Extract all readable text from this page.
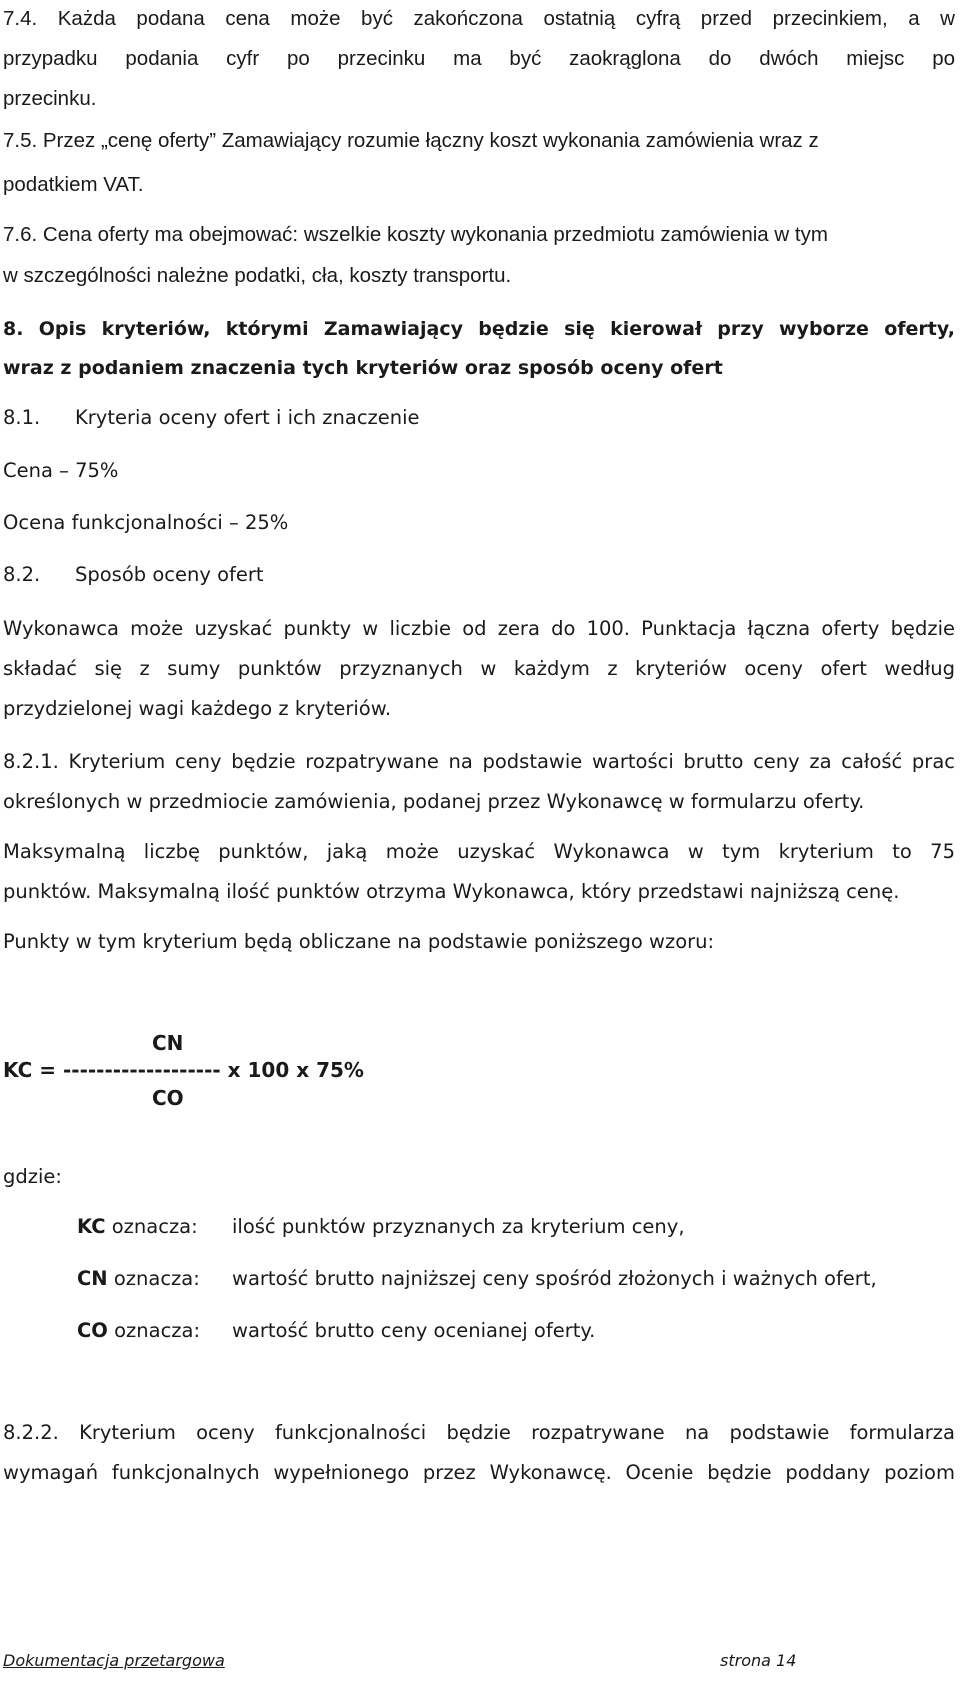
7.4. Każda podana cena może być zakończona ostatnią cyfrą przed przecinkiem, a w
przypadku podania cyfr po przecinku ma być zaokrąglona do dwóch miejsc po
przecinku.
7.5. Przez „cenę oferty” Zamawiający rozumie łączny koszt wykonania zamówienia wraz z
podatkiem VAT.
7.6. Cena oferty ma obejmować: wszelkie koszty wykonania przedmiotu zamówienia w tym
w szczególności należne podatki, cła, koszty transportu.
8. Opis kryteriów, którymi Zamawiający będzie się kierował przy wyborze oferty,
wraz z podaniem znaczenia tych kryteriów oraz sposób oceny ofert
8.1. Kryteria oceny ofert i ich znaczenie
Cena – 75%
Ocena funkcjonalności – 25%
8.2. Sposób oceny ofert
Wykonawca może uzyskać punkty w liczbie od zera do 100. Punktacja łączna oferty będzie
składać się z sumy punktów przyznanych w każdym z kryteriów oceny ofert według
przydzielonej wagi każdego z kryteriów.
8.2.1. Kryterium ceny będzie rozpatrywane na podstawie wartości brutto ceny za całość prac
określonych w przedmiocie zamówienia, podanej przez Wykonawcę w formularzu oferty.
Maksymalną liczbę punktów, jaką może uzyskać Wykonawca w tym kryterium to 75
punktów. Maksymalną ilość punktów otrzyma Wykonawca, który przedstawi najniższą cenę.
Punkty w tym kryterium będą obliczane na podstawie poniższego wzoru:
CN
KC = ------------------- x 100 x 75%
CO
gdzie:
KC oznacza: ilość punktów przyznanych za kryterium ceny,
CN oznacza: wartość brutto najniższej ceny spośród złożonych i ważnych ofert,
CO oznacza: wartość brutto ceny ocenianej oferty.
8.2.2. Kryterium oceny funkcjonalności będzie rozpatrywane na podstawie formularza
wymagań funkcjonalnych wypełnionego przez Wykonawcę. Ocenie będzie poddany poziom
Dokumentacja przetargowa	strona 14
